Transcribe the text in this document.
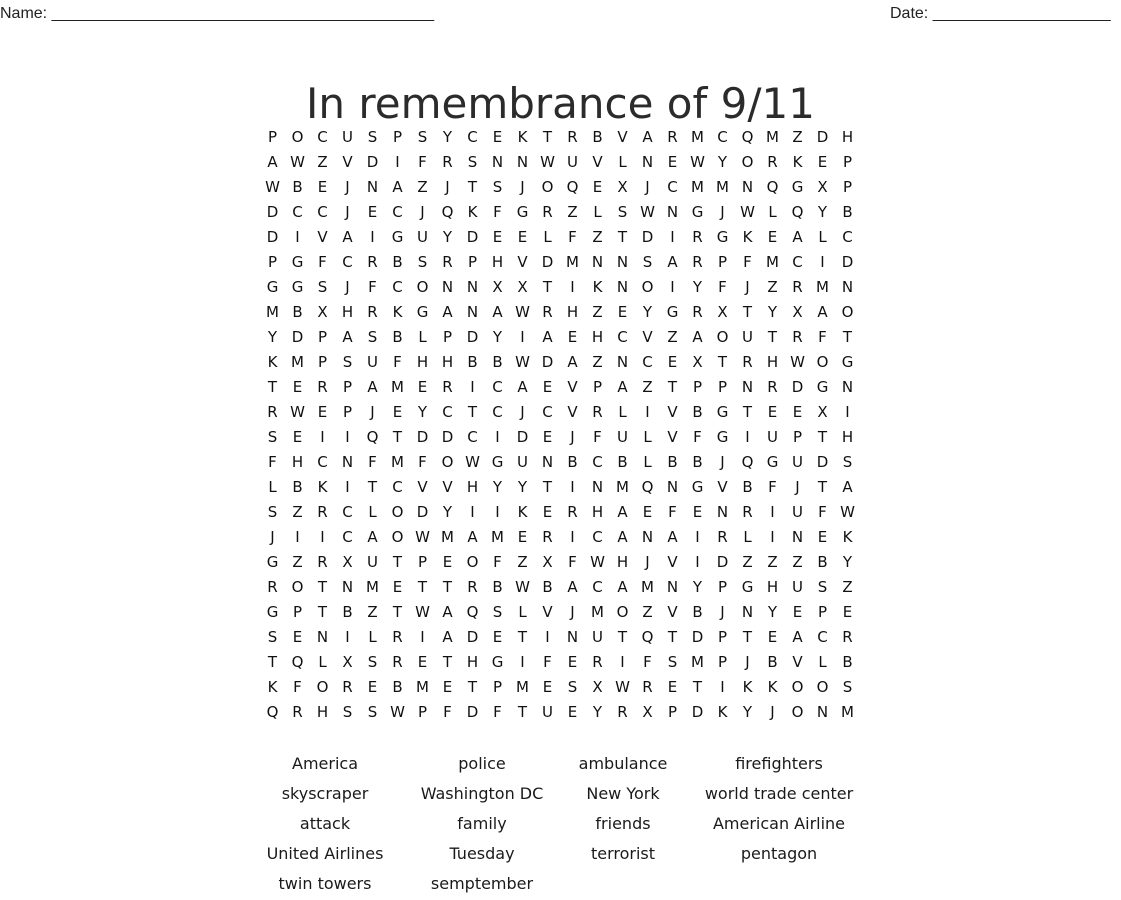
Name: ___________________________________________	Date: ____________________
In remembrance of 9/11
P O C U S	P	S	Y	C	E	K	T	R B V A R M C Q M Z D H
A W Z V D	I	F	R	S N N W U V	L	N E W Y O R K	E	P
W B	E	J	N A Z	J	T	S	J	O Q E	X	J	C M M N Q G X	P
D C C	J	E	C	J	Q K	F G R Z	L	S W N G	J	W L Q Y	B
D	I	V A	I	G U Y D E	E	L	F	Z	T D	I	R G K	E	A	L	C
P G F	C R B	S	R	P H V D M N N S	A R	P	F M C	I	D
G G S	J	F	C O N N X X	T	I	K N O	I	Y	F	J	Z R M N
M B X H R K G A N A W R H Z	E	Y G R X	T	Y	X A O
Y D P	A	S	B	L	P D Y	I	A	E H C V Z A O U T	R	F	T
K M P	S U	F	H H B B W D A Z N C	E	X	T	R H W O G
T	E	R	P	A M E	R	I	C A	E	V	P	A Z	T	P	P N R D G N
R W E	P	J	E	Y	C	T	C	J	C V R	L	I	V B G T	E	E	X	I
S	E	I	I	Q T D D C	I	D E	J	F	U	L	V	F G	I	U P	T H
F	H C N	F M F O W G U N B C B	L	B B	J	Q G U D S
L	B K	I	T	C V V H Y	Y	T	I	N M Q N G V B	F	J	T	A
S	Z R C	L O D Y	I	I	K	E	R H A	E	F	E N R	I	U	F W
J	I	I	C A O W M A M E	R	I	C A N A	I	R	L	I	N E	K
G Z R X U T	P	E O F	Z X	F W H	J	V	I	D Z Z Z B	Y
R O T N M E	T	T	R B W B A C A M N Y	P G H U S	Z
G P	T	B Z	T W A Q S	L	V	J	M O Z V B	J	N Y	E	P	E
S	E N	I	L	R	I	A D E	T	I	N U T Q T D P	T	E	A C R
T Q L	X	S	R	E	T H G	I	F	E	R	I	F	S M P	J	B V	L	B
K	F O R	E	B M E	T	P M E	S	X W R	E	T	I	K	K O O S
Q R H S	S W P	F D F	T U E	Y	R X	P D K	Y	J	O N M
America	police	ambulance	firefighters
skyscraper	Washington DC	New York	world trade center
attack	family	friends	American Airline
United Airlines	Tuesday	terrorist	pentagon
twin towers	semptember
